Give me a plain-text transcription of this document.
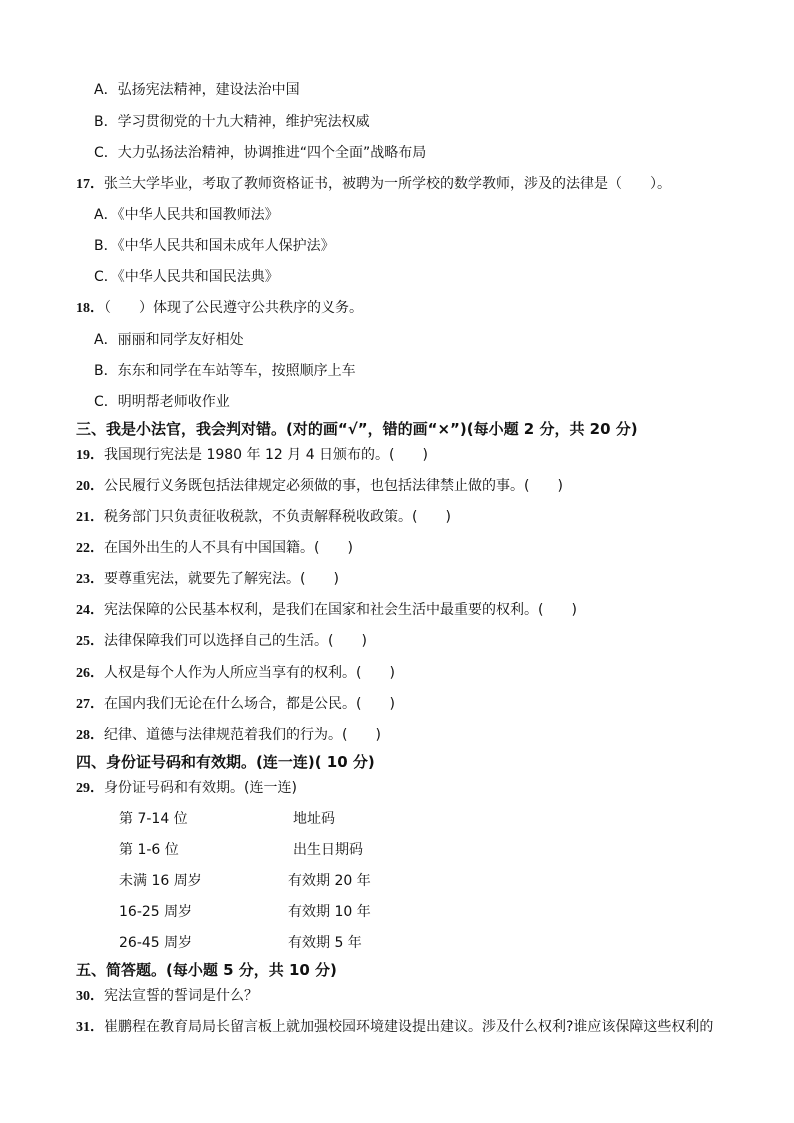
A．弘扬宪法精神，建设法治中国
B．学习贯彻党的十九大精神，维护宪法权威
C．大力弘扬法治精神，协调推进“四个全面”战略布局
17．张兰大学毕业，考取了教师资格证书，被聘为一所学校的数学教师，涉及的法律是（　　）。
A．《中华人民共和国教师法》
B．《中华人民共和国未成年人保护法》
C．《中华人民共和国民法典》
18．（　　）体现了公民遵守公共秩序的义务。
A．丽丽和同学友好相处
B．东东和同学在车站等车，按照顺序上车
C．明明帮老师收作业
三、我是小法官，我会判对错。(对的画“√”，错的画“×”)(每小题 2 分，共 20 分)
19．我国现行宪法是 1980 年 12 月 4 日颁布的。(　　)
20．公民履行义务既包括法律规定必须做的事，也包括法律禁止做的事。(　　)
21．税务部门只负责征收税款，不负责解释税收政策。(　　)
22．在国外出生的人不具有中国国籍。(　　)
23．要尊重宪法，就要先了解宪法。(　　)
24．宪法保障的公民基本权利，是我们在国家和社会生活中最重要的权利。(　　)
25．法律保障我们可以选择自己的生活。(　　)
26．人权是每个人作为人所应当享有的权利。(　　)
27．在国内我们无论在什么场合，都是公民。(　　)
28．纪律、道德与法律规范着我们的行为。(　　)
四、身份证号码和有效期。(连一连)( 10 分)
29．身份证号码和有效期。(连一连)
第 7-14 位
第 1-6 位
未满 16 周岁
16-25 周岁
26-45 周岁
地址码
出生日期码
有效期 20 年
有效期 10 年
有效期 5 年
五、简答题。(每小题 5 分，共 10 分)
30．宪法宣誓的誓词是什么？
31．崔鹏程在教育局局长留言板上就加强校园环境建设提出建议。涉及什么权利?谁应该保障这些权利的
